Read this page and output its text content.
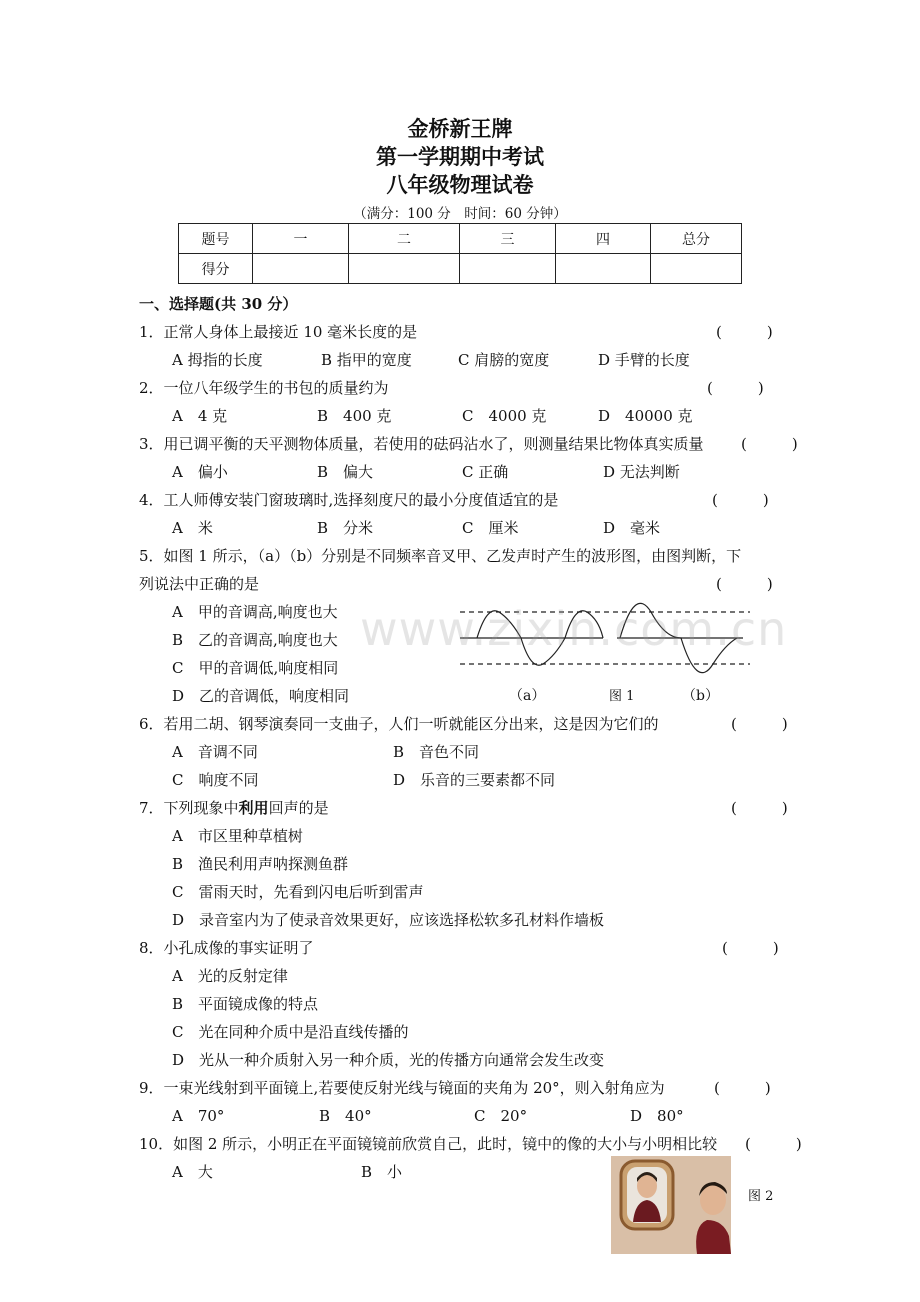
金桥新王牌
第一学期期中考试
八年级物理试卷
（满分：100 分　时间：60 分钟）
题号	一	二	三	四	总分
得分					
一、选择题(共 30 分）
1．正常人身体上最接近 10 毫米长度的是	(　　　)
A 拇指的长度	B 指甲的宽度	C 肩膀的宽度	D 手臂的长度
2．一位八年级学生的书包的质量约为	(　　　)
A　4 克	B　400 克	C　4000 克	D　40000 克
3．用已调平衡的天平测物体质量，若使用的砝码沾水了，则测量结果比物体真实质量 (　　　)
A　偏小	B　偏大	C 正确	D 无法判断
4．工人师傅安装门窗玻璃时,选择刻度尺的最小分度值适宜的是	(　　　)
A　米	B　分米	C　厘米	D　毫米
5．如图 1 所示，（a）（b）分别是不同频率音叉甲、乙发声时产生的波形图，由图判断，下
列说法中正确的是	(　　　)
A　甲的音调高,响度也大
B　乙的音调高,响度也大
C　甲的音调低,响度相同
D　乙的音调低，响度相同	（a）	图 1	（b）
www.zixin.com.cn
6．若用二胡、钢琴演奏同一支曲子，人们一听就能区分出来，这是因为它们的	(　　　)
A　音调不同	B　音色不同
C　响度不同	D　乐音的三要素都不同
7．下列现象中利用回声的是	(　　　)
A　市区里种草植树
B　渔民利用声呐探测鱼群
C　雷雨天时，先看到闪电后听到雷声
D　录音室内为了使录音效果更好，应该选择松软多孔材料作墙板
8．小孔成像的事实证明了	(　　　)
A　光的反射定律
B　平面镜成像的特点
C　光在同种介质中是沿直线传播的
D　光从一种介质射入另一种介质，光的传播方向通常会发生改变
9．一束光线射到平面镜上,若要使反射光线与镜面的夹角为 20°，则入射角应为	(　　　)
A　70°	B　40°	C　20°	D　80°
10．如图 2 所示，小明正在平面镜镜前欣赏自己，此时，镜中的像的大小与小明相比较 (　　　)
A　大	B　小
图 2
